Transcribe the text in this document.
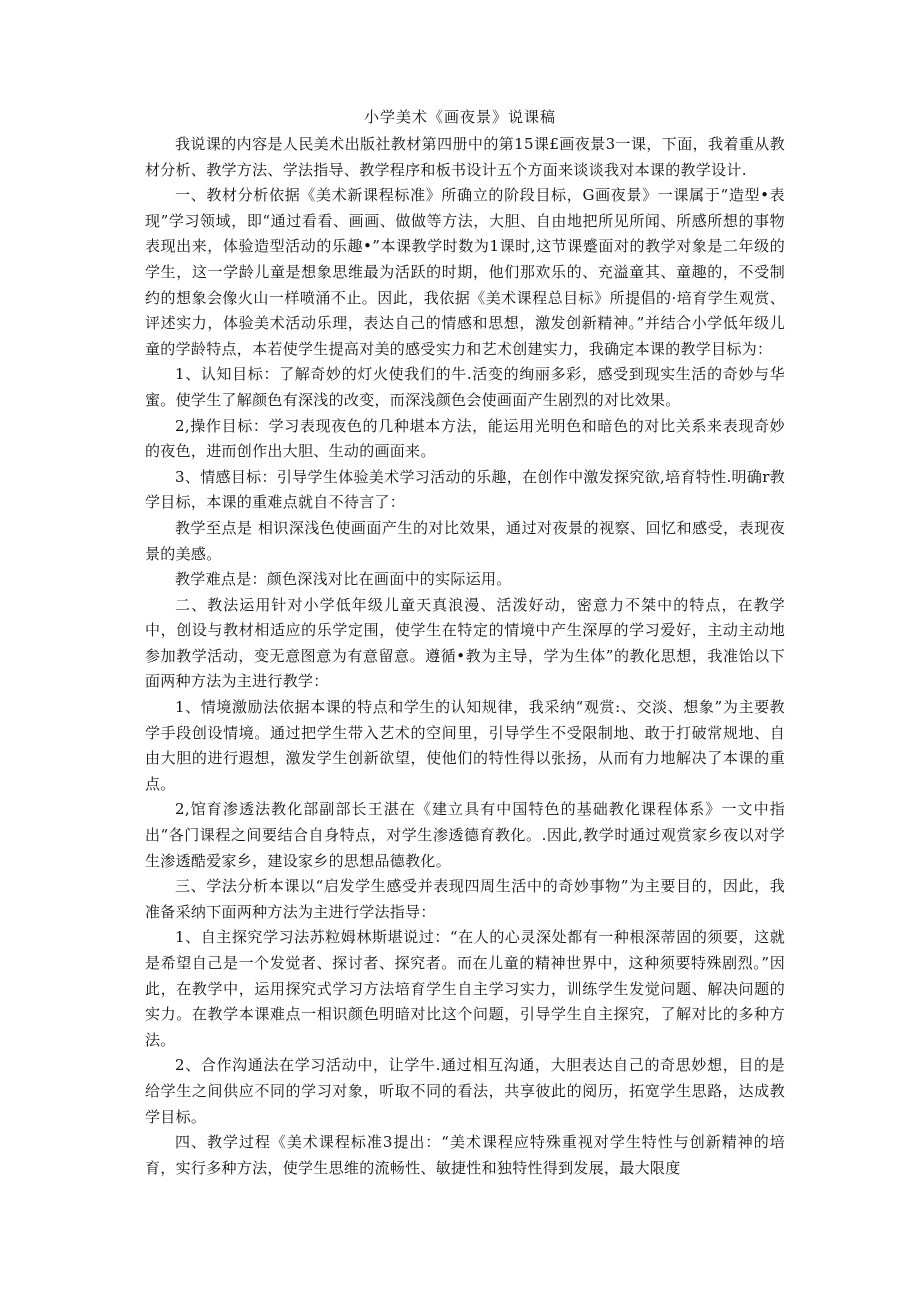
小学美术《画夜景》说课稿

我说课的内容是人民美术出版社教材第四册中的第15课£画夜景3一课，下面，我着重从教材分析、教学方法、学法指导、教学程序和板书设计五个方面来谈谈我对本课的教学设计.

一、教材分析依据《美术新课程标准》所确立的阶段目标，G画夜景》一课属于“造型•表现”学习领域，即“通过看看、画画、做做等方法，大胆、自由地把所见所闻、所感所想的事物表现出来，体验造型活动的乐趣•”本课教学时数为1课时,这节课蹙面对的教学对象是二年级的学生，这一学龄儿童是想象思维最为活跃的时期，他们那欢乐的、充溢童其、童趣的，不受制约的想象会像火山一样喷涌不止。因此，我依据《美术课程总目标》所提倡的·培育学生观赏、评述实力，体验美术活动乐理，表达自己的情感和思想，激发创新精神。”并结合小学低年级儿童的学龄特点，本若使学生提高对美的感受实力和艺术创建实力，我确定本课的教学目标为：

1、认知目标：了解奇妙的灯火使我们的牛.活变的绚丽多彩，感受到现实生活的奇妙与华蜜。使学生了解颜色有深浅的改变，而深浅颜色会使画面产生剧烈的对比效果。

2,操作目标：学习表现夜色的几种堪本方法，能运用光明色和暗色的对比关系来表现奇妙的夜色，进而创作出大胆、生动的画面来。

3、情感目标：引导学生体验美术学习活动的乐趣，在创作中激发探究欲,培育特性.明确r教学目标，本课的重难点就自不待言了：

教学至点是 相识深浅色使画面产生的对比效果，通过对夜景的视察、回忆和感受，表现夜景的美感。

教学难点是：颜色深浅对比在画面中的实际运用。

二、教法运用针对小学低年级儿童天真浪漫、活泼好动，密意力不桀中的特点，在教学中，创设与教材相适应的乐学定围，使学生在特定的情境中产生深厚的学习爱好，主动主动地参加教学活动，变无意图意为有意留意。遵循•教为主导，学为生体”的教化思想，我准饴以下面两种方法为主进行教学：

1、情境激励法依据本课的特点和学生的认知规律，我采纳“观赏:、交淡、想象”为主要教学手段创设情境。通过把学生带入艺术的空间里，引导学生不受限制地、敢于打破常规地、自由大胆的进行遐想，激发学生创新欲望，使他们的特性得以张扬，从而有力地解决了本课的重点。

2,馆育渗透法教化部副部长王湛在《建立具有中国特色的基础教化课程体系》一文中指出“各门课程之间要结合自身特点，对学生渗透德育教化。.因此,教学时通过观赏家乡夜以对学生渗透酷爱家乡，建设家乡的思想品德教化。

三、学法分析本课以“启发学生感受并表现四周生活中的奇妙事物”为主要目的，因此，我准备采纳下面两种方法为主进行学法指导：

1、自主探究学习法苏粒姆林斯堪说过：“在人的心灵深处都有一种根深蒂固的须要，这就是希望自己是一个发觉者、探讨者、探究者。而在儿童的精神世界中，这种须要特殊剧烈。”因此，在教学中，运用探究式学习方法培育学生自主学习实力，训练学生发觉问题、解决问题的实力。在教学本课难点一相识颜色明暗对比这个问题，引导学生自主探究，了解对比的多种方法。

2、合作沟通法在学习活动中，让学牛.通过相互沟通，大胆表达自己的奇思妙想，目的是给学生之间供应不同的学习对象，听取不同的看法，共享彼此的阅历，拓宽学生思路，达成教学目标。

四、教学过程《美术课程标准3提出：“美术课程应特殊重视对学生特性与创新精神的培育，实行多种方法，使学生思维的流畅性、敏捷性和独特性得到发展，最大限度
